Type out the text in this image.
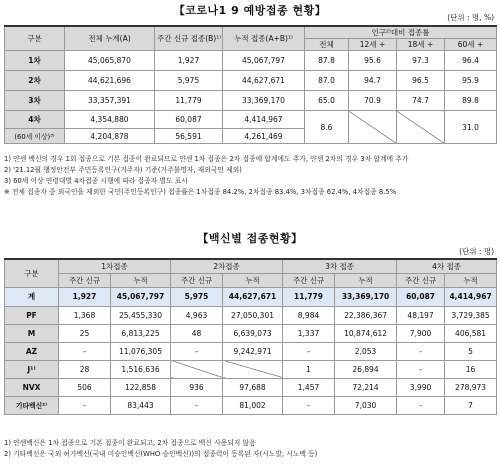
【코로나1 9 예방접종 현황】
(단위 : 명, %)
구분	전체 누계(A)	주간 신규 접종(B)¹⁾	누적 접종(A+B)¹⁾	인구²⁾대비 접종률			
				전체	12세 +	18세 +	60세 +
1차	45,065,870	1,927	45,067,797	87.8	95.6	97.3	96.4
2차	44,621,696	5,975	44,627,671	87.0	94.7	96.5	95.9
3차	33,357,391	11,779	33,369,170	65.0	70.9	74.7	89.8
4차	4,354,880	60,087	4,414,967	8.6			31.0
(60세 이상)³⁾	4,204,878	56,591	4,261,469				
1) 얀센 백신의 경우 1회 접종으로 기본 접종이 완료되므로 얀센 1차 접종은 2차 접종에 합계에도 추가, 얀센 2차의 경우 3차 합계에 추가
2) '21.12월 행정안전부 주민등록인구(거주자) 기준(거주불명자, 재외국민 제외)
3) 60세 이상 연령대별 4차접종 시행에 따라 접종자 별도 표시
※ 전체 접종자 중 외국인을 제외한 국민(주민등록인구) 접종률은 1차접종 84.2%, 2차접종 83.4%, 3차접종 62.4%, 4차접종 8.5%
【백신별 접종현황】
(단위 : 명)
구분	1차접종		2차접종		3차 접종		4차 접종	
	주간 신규	누적	주간 신규	누적	주간 신규	누적	주간 신규	누적
계	1,927	45,067,797	5,975	44,627,671	11,779	33,369,170	60,087	4,414,967
PF	1,368	25,455,330	4,963	27,050,301	8,984	22,386,367	48,197	3,729,385
M	25	6,813,225	48	6,639,073	1,337	10,874,612	7,900	406,581
AZ	-	11,076,305	-	9,242,971	-	2,053	-	5
J¹⁾	28	1,516,636			1	26,894	-	16
NVX	506	122,858	936	97,688	1,457	72,214	3,990	278,973
기타백신²⁾	-	83,443	-	81,002	-	7,030	-	7
1) 얀센백신은 1차 접종으로 기본 접종이 완료되고, 2차 접종으로 백신 사용되지 않음
2) 기타백신은 국외 허가백신(국내 미승인백신(WHO 승인백신))의 접종력이 등록된 자(시노발, 시노백 등)
